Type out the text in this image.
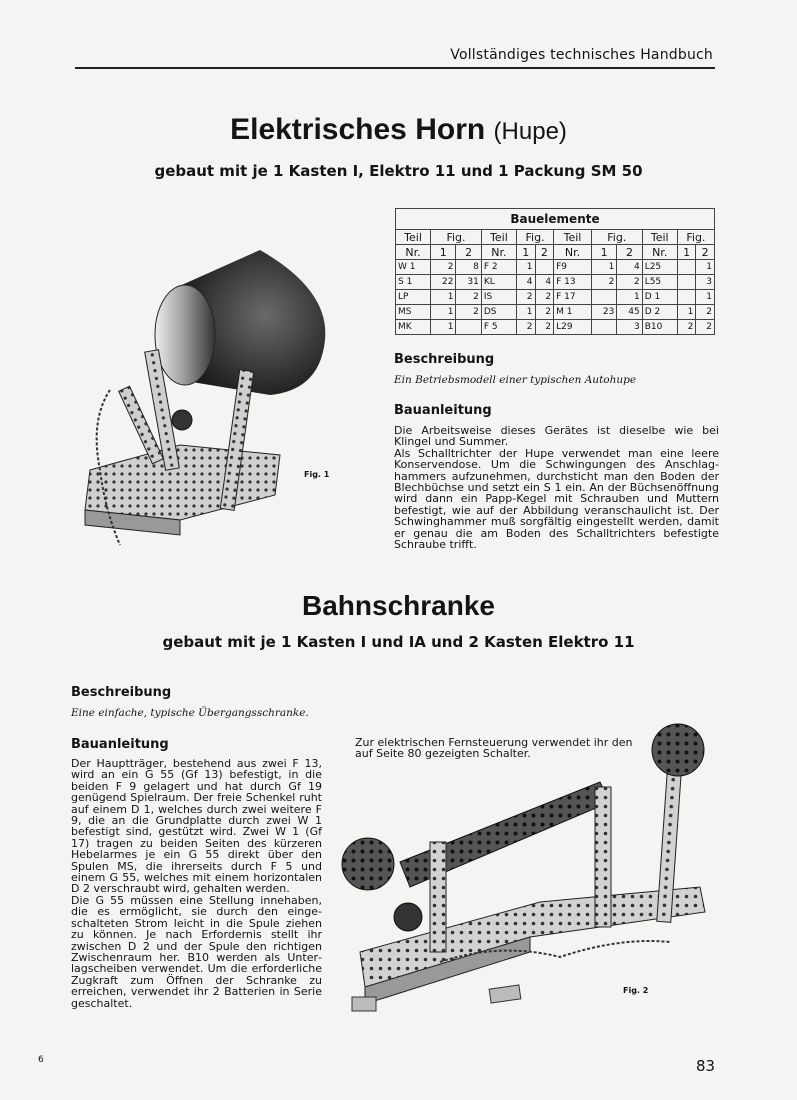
Vollständiges technisches Handbuch
Elektrisches Horn (Hupe)
gebaut mit je 1 Kasten I, Elektro 11 und 1 Packung SM 50
Fig. 1
Bauelemente											
Teil	Fig.		Teil	Fig.		Teil	Fig.		Teil	Fig.	
Nr.	1	2	Nr.	1	2	Nr.	1	2	Nr.	1	2
W 1	2	8	F 2	1		F9	1	4	L25		1
S 1	22	31	KL	4	4	F 13	2	2	L55		3
LP	1	2	IS	2	2	F 17		1	D 1		1
MS	1	2	DS	1	2	M 1	23	45	D 2	1	2
MK	1		F 5	2	2	L29		3	B10	2	2
Beschreibung
Ein Betriebsmodell einer typischen Autohupe
Bauanleitung

Die Arbeitsweise dieses Gerätes ist dieselbe wie bei Klingel und Summer.

Als Schalltrichter der Hupe verwendet man eine leere Konservendose. Um die Schwingungen des Anschlaghammers aufzunehmen, durchsticht man den Boden der Blechbüchse und setzt ein S 1 ein. An der Büchsenöffnung wird dann ein Papp-Kegel mit Schrauben und Muttern befestigt, wie auf der Abbildung veranschaulicht ist. Der Schwinghammer muß sorgfältig eingestellt werden, damit er genau die am Boden des Schalltrichters befestigte Schraube trifft.

Bahnschranke
gebaut mit je 1 Kasten I und IA und 2 Kasten Elektro 11
Beschreibung
Eine einfache, typische Übergangsschranke.
Bauanleitung

Der Hauptträger, bestehend aus zwei F 13, wird an ein G 55 (Gf 13) befestigt, in die beiden F 9 gelagert und hat durch Gf 19 genügend Spielraum. Der freie Schenkel ruht auf einem D 1, welches durch zwei weitere F 9, die an die Grundplatte durch zwei W 1 befestigt sind, gestützt wird. Zwei W 1 (Gf 17) tragen zu beiden Seiten des kürzeren Hebelarmes je ein G 55 direkt über den Spulen MS, die ihrerseits durch F 5 und einem G 55, welches mit einem horizontalen D 2 verschraubt wird, gehalten werden.

Die G 55 müssen eine Stellung innehaben, die es ermöglicht, sie durch den eingeschalteten Strom leicht in die Spule ziehen zu können. Je nach Erfordernis stellt ihr zwischen D 2 und der Spule den richtigen Zwischenraum her. B10 werden als Unterlagscheiben verwendet. Um die erforderliche Zugkraft zum Öffnen der Schranke zu erreichen, verwendet ihr 2 Batterien in Serie geschaltet.

Zur elektrischen Fernsteuerung verwendet ihr den auf Seite 80 gezeigten Schalter.
Fig. 2
6	83
